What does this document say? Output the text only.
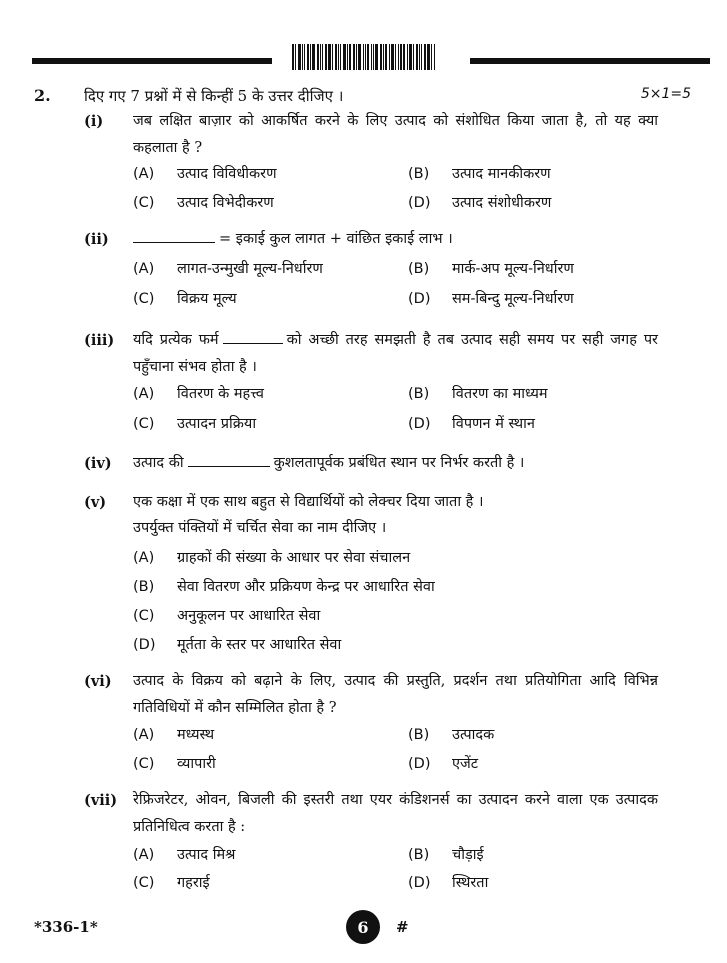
2. दिए गए 7 प्रश्नों में से किन्हीं 5 के उत्तर दीजिए ।	5×1=5
(i) जब लक्षित बाज़ार को आकर्षित करने के लिए उत्पाद को संशोधित किया जाता है, तो यह क्या कहलाता है ?
(A) उत्पाद विविधीकरण	(B) उत्पाद मानकीकरण
(C) उत्पाद विभेदीकरण	(D) उत्पाद संशोधीकरण
(ii)	= इकाई कुल लागत + वांछित इकाई लाभ ।
(A) लागत-उन्मुखी मूल्य-निर्धारण	(B) मार्क-अप मूल्य-निर्धारण
(C) विक्रय मूल्य	(D) सम-बिन्दु मूल्य-निर्धारण
(iii) यदि प्रत्येक फर्म	को अच्छी तरह समझती है तब उत्पाद सही समय पर सही जगह पर पहुँचाना संभव होता है ।
(A) वितरण के महत्त्व	(B) वितरण का माध्यम
(C) उत्पादन प्रक्रिया	(D) विपणन में स्थान
(iv) उत्पाद की	कुशलतापूर्वक प्रबंधित स्थान पर निर्भर करती है ।
(v) एक कक्षा में एक साथ बहुत से विद्यार्थियों को लेक्चर दिया जाता है ।
उपर्युक्त पंक्तियों में चर्चित सेवा का नाम दीजिए ।
(A) ग्राहकों की संख्या के आधार पर सेवा संचालन
(B) सेवा वितरण और प्रक्रियण केन्द्र पर आधारित सेवा
(C) अनुकूलन पर आधारित सेवा
(D) मूर्तता के स्तर पर आधारित सेवा
(vi) उत्पाद के विक्रय को बढ़ाने के लिए, उत्पाद की प्रस्तुति, प्रदर्शन तथा प्रतियोगिता आदि विभिन्न गतिविधियों में कौन सम्मिलित होता है ?
(A) मध्यस्थ	(B) उत्पादक
(C) व्यापारी	(D) एजेंट
(vii) रेफ्रिजरेटर, ओवन, बिजली की इस्तरी तथा एयर कंडिशनर्स का उत्पादन करने वाला एक उत्पादक प्रतिनिधित्व करता है :
(A) उत्पाद मिश्र	(B) चौड़ाई
(C) गहराई	(D) स्थिरता
*336-1*	6	#
